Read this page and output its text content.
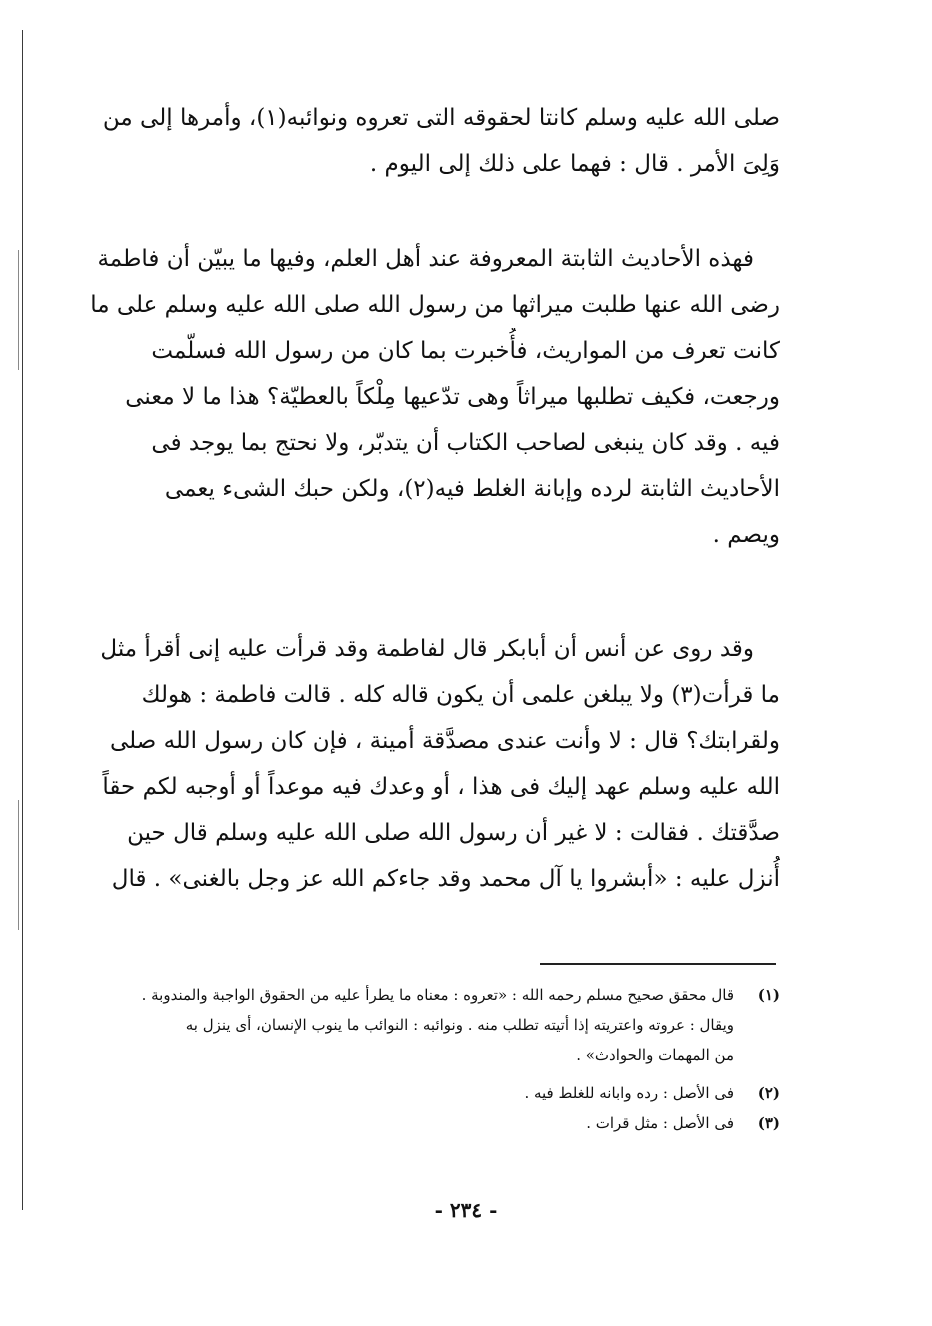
صلى الله عليه وسلم كانتا لحقوقه التى تعروه ونوائبه(١)، وأمرها إلى من
وَلِىَ الأمر . قال : فهما على ذلك إلى اليوم .
فهذه الأحاديث الثابتة المعروفة عند أهل العلم، وفيها ما يبيّن أن فاطمة
رضى الله عنها طلبت ميراثها من رسول الله صلى الله عليه وسلم على ما
كانت تعرف من المواريث، فأُخبرت بما كان من رسول الله فسلّمت
ورجعت، فكيف تطلبها ميراثاً وهى تدّعيها مِلْكاً بالعطيّة؟ هذا ما لا معنى
فيه . وقد كان ينبغى لصاحب الكتاب أن يتدبّر، ولا نحتج بما يوجد فى
الأحاديث الثابتة لرده وإبانة الغلط فيه(٢)، ولكن حبك الشىء يعمى
ويصم .
وقد روى عن أنس أن أبابكر قال لفاطمة وقد قرأت عليه إنى أقرأ مثل
ما قرأت(٣) ولا يبلغن علمى أن يكون قاله كله . قالت فاطمة : هولك
ولقرابتك؟ قال : لا وأنت عندى مصدَّقة أمينة ، فإن كان رسول الله صلى
الله عليه وسلم عهد إليك فى هذا ، أو وعدك فيه موعداً أو أوجبه لكم حقاً
صدَّقتك . فقالت : لا غير أن رسول الله صلى الله عليه وسلم قال حين
أُنزل عليه : «أبشروا يا آل محمد وقد جاءكم الله عز وجل بالغنى» . قال
(١)
قال محقق صحيح مسلم رحمه الله : «تعروه : معناه ما يطرأ عليه من الحقوق الواجبة والمندوبة .
ويقال : عروته واعتريته إذا أتيته تطلب منه . ونوائبه : النوائب ما ينوب الإنسان، أى ينزل به
من المهمات والحوادث» .
(٢)
فى الأصل : رده وابانه للغلط فيه .
(٣)
فى الأصل : مثل قرات .
- ٢٣٤ -
